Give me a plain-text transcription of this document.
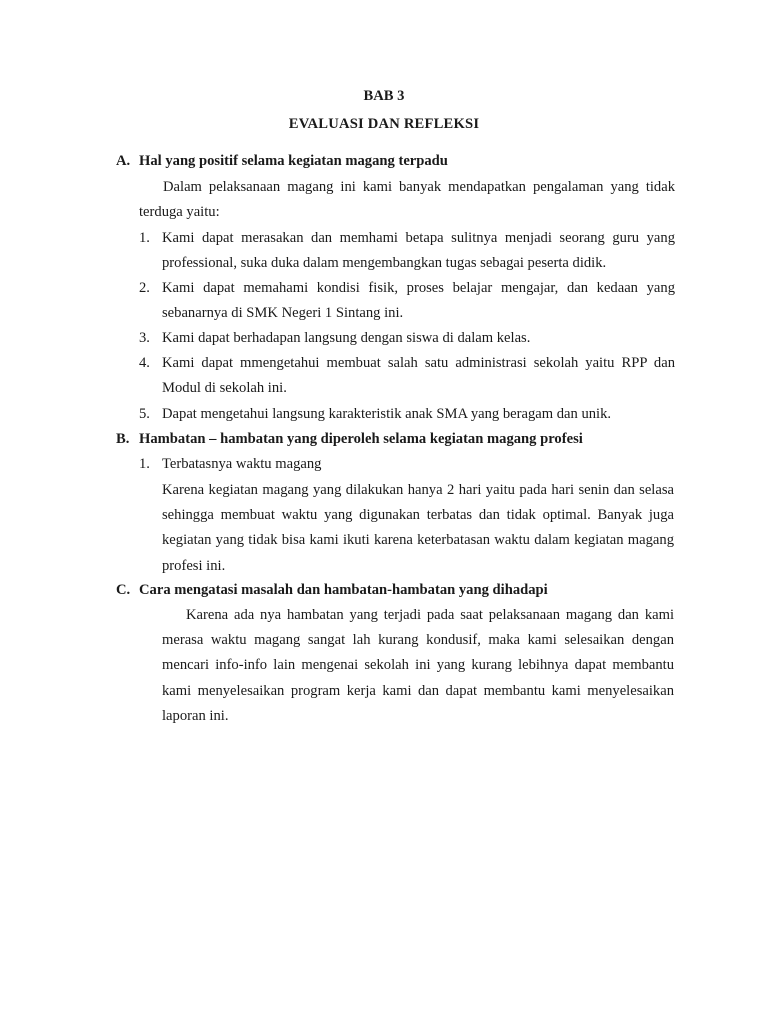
BAB 3
EVALUASI DAN REFLEKSI
A. Hal yang positif selama kegiatan magang terpadu
Dalam pelaksanaan magang ini kami banyak mendapatkan pengalaman yang tidak terduga yaitu:
1. Kami dapat merasakan dan memhami betapa sulitnya menjadi seorang guru yang professional, suka duka dalam mengembangkan tugas sebagai peserta didik.
2. Kami dapat memahami kondisi fisik, proses belajar mengajar, dan kedaan yang sebanarnya di SMK Negeri 1 Sintang ini.
3. Kami dapat berhadapan langsung dengan siswa di dalam kelas.
4. Kami dapat mmengetahui membuat salah satu administrasi sekolah yaitu RPP dan Modul di sekolah ini.
5. Dapat mengetahui langsung karakteristik anak SMA yang beragam dan unik.
B. Hambatan – hambatan yang diperoleh selama kegiatan magang profesi
1. Terbatasnya waktu magang
Karena kegiatan magang yang dilakukan hanya 2 hari yaitu pada hari senin dan selasa sehingga membuat waktu yang digunakan terbatas dan tidak optimal. Banyak juga kegiatan yang tidak bisa kami ikuti karena keterbatasan waktu dalam kegiatan magang profesi ini.
C. Cara mengatasi masalah dan hambatan-hambatan yang dihadapi
Karena ada nya hambatan yang terjadi pada saat pelaksanaan magang dan kami merasa waktu magang sangat lah kurang kondusif, maka kami selesaikan dengan mencari info-info lain mengenai sekolah ini yang kurang lebihnya dapat membantu kami menyelesaikan program kerja kami dan dapat membantu kami menyelesaikan laporan ini.
